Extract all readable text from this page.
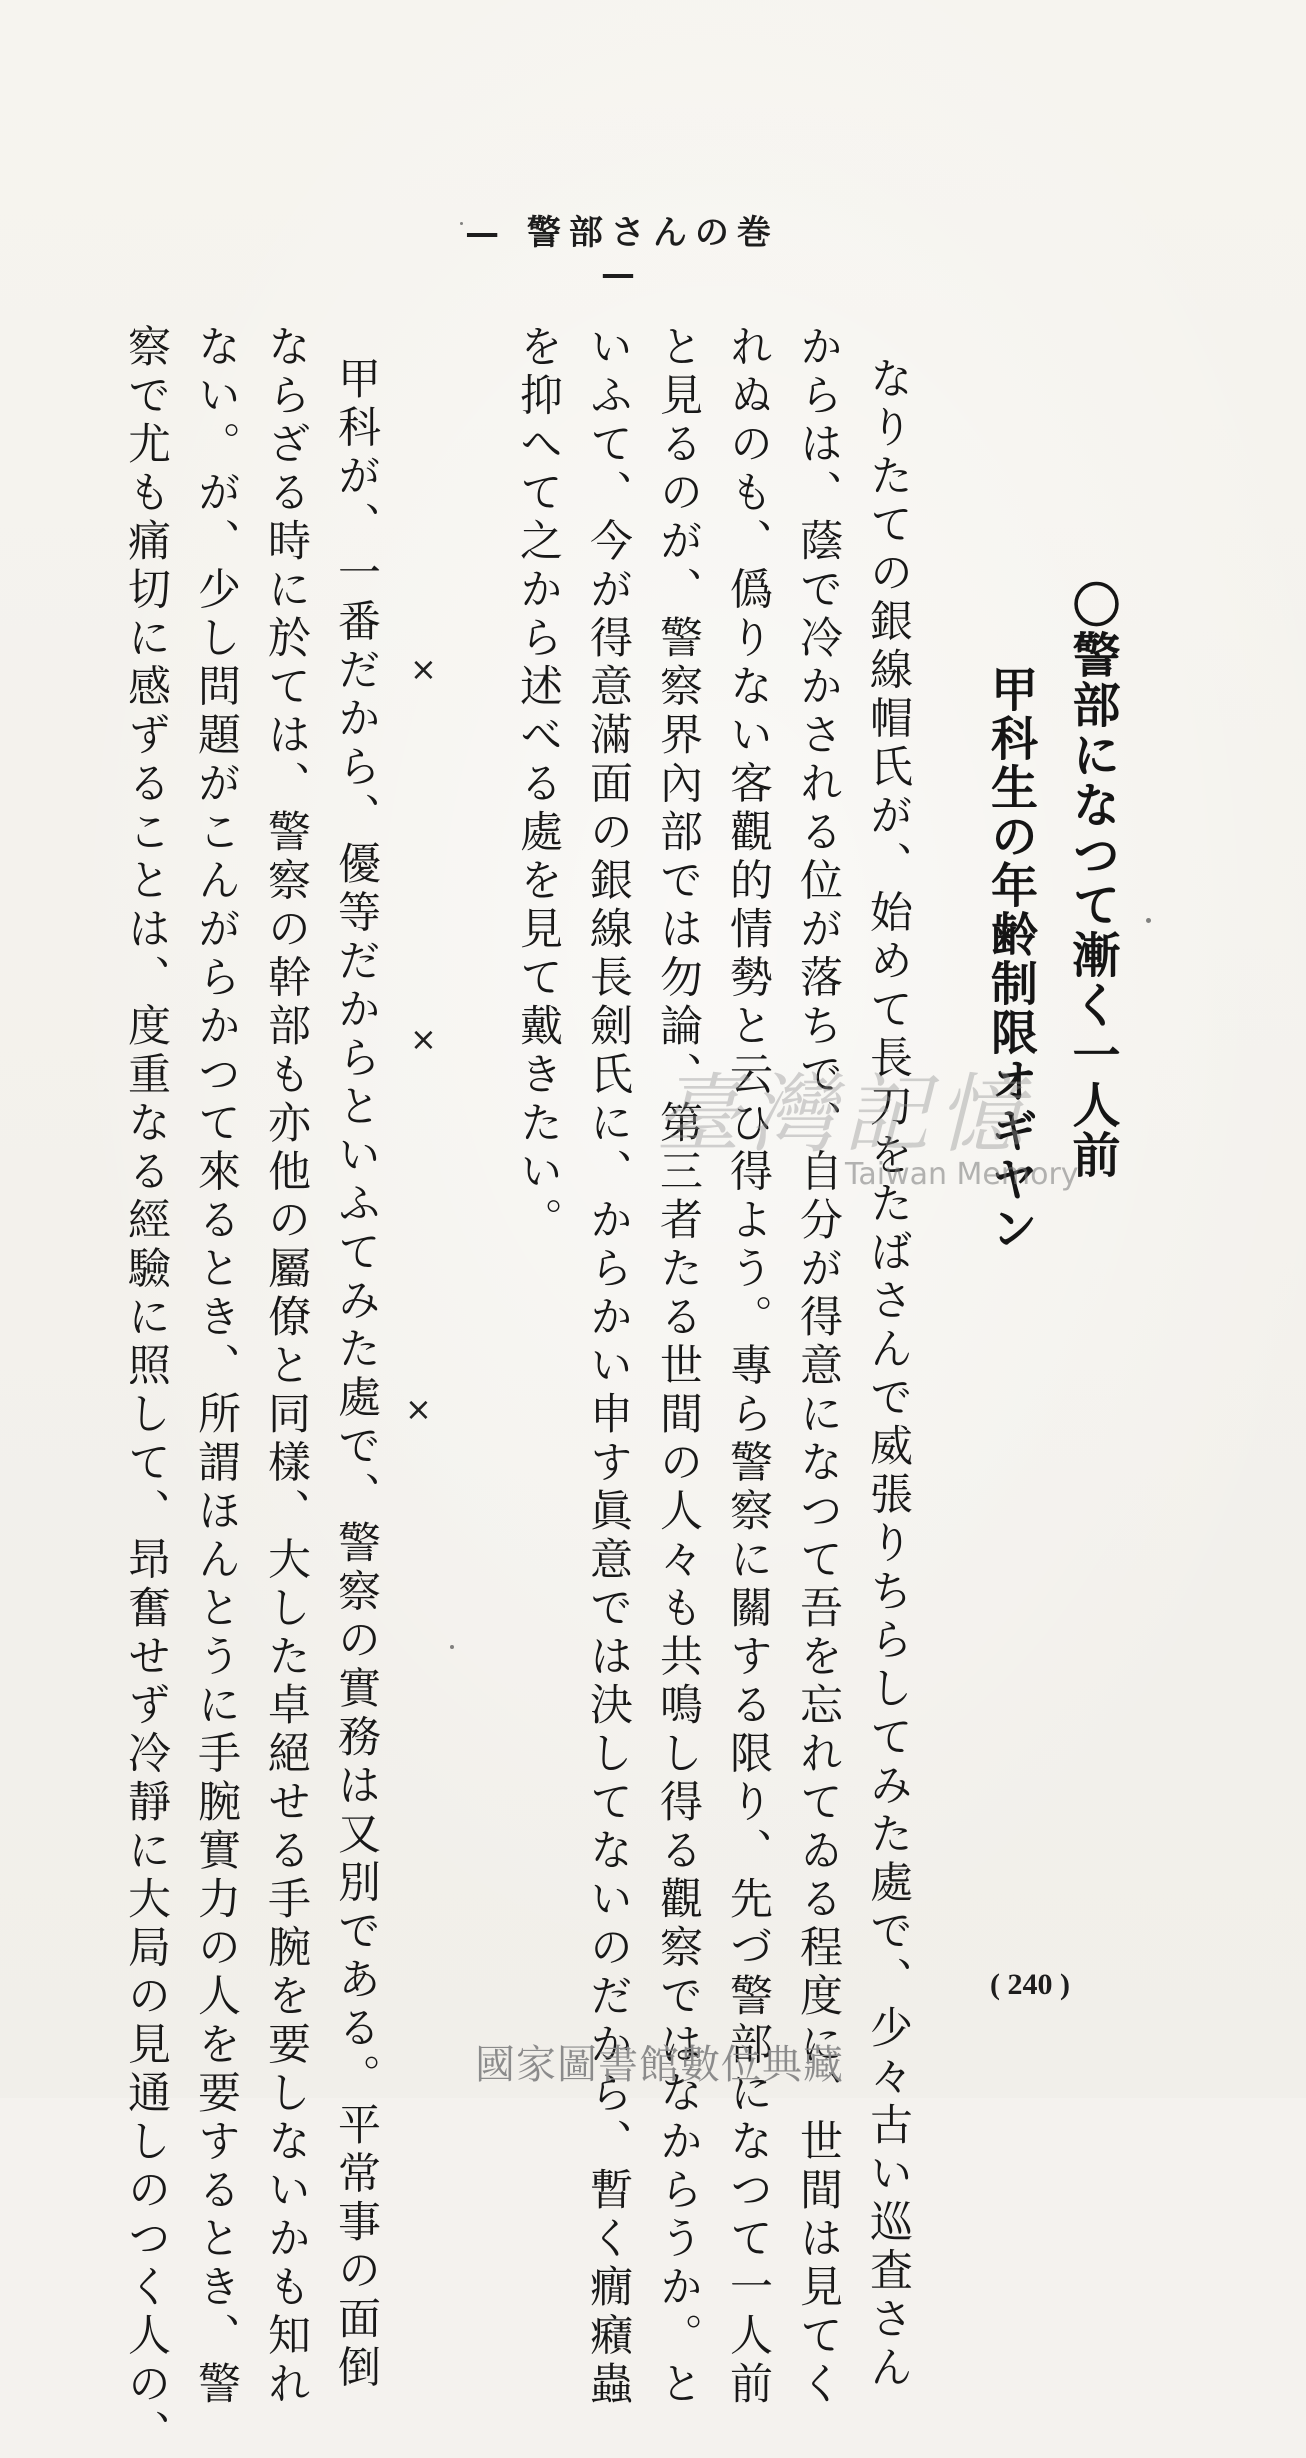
— 警部さんの巻 —
〇警部になつて漸く一人前
甲科生の年齢制限オギヤン
なりたての銀線帽氏が、始めて長刀をたばさんで威張りちらしてみた處で、少々古い巡査さん
からは、蔭で冷かされる位が落ちで、自分が得意になつて吾を忘れてゐる程度に、世間は見てく
れぬのも、僞りない客觀的情勢と云ひ得よう。專ら警察に關する限り、先づ警部になつて一人前
と見るのが、警察界內部では勿論、第三者たる世間の人々も共鳴し得る觀察ではなからうか。と
いふて、今が得意滿面の銀線長劍氏に、からかい申す眞意では決してないのだから、暫く癇癪蟲
を抑へて之から述べる處を見て戴きたい。
×
×
×
甲科が、一番だから、優等だからといふてみた處で、警察の實務は又別である。平常事の面倒
ならざる時に於ては、警察の幹部も亦他の屬僚と同樣、大した卓絕せる手腕を要しないかも知れ
ない。が、少し問題がこんがらかつて來るとき、所謂ほんとうに手腕實力の人を要するとき、警
察で尤も痛切に感ずることは、度重なる經驗に照して、昻奮せず冷靜に大局の見通しのつく人の、	( 240 )
臺灣記憶
Taiwan Memory
國家圖書館數位典藏
